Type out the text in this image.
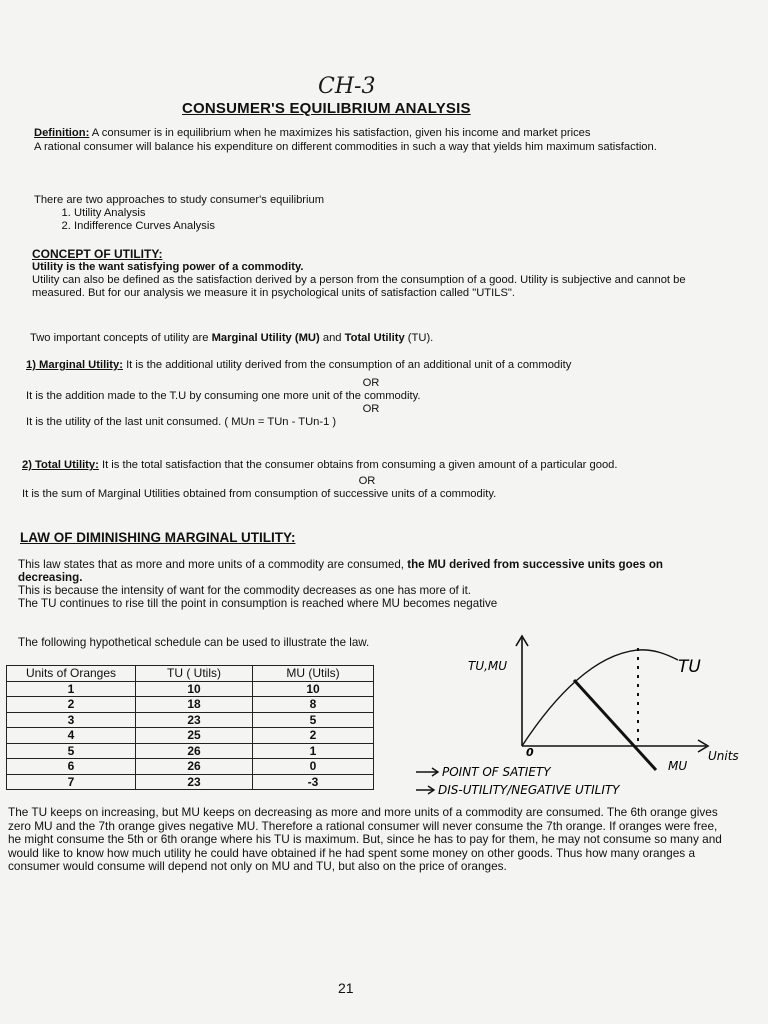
CH-3
CONSUMER'S EQUILIBRIUM ANALYSIS
Definition: A consumer is in equilibrium when he maximizes his satisfaction, given his income and market prices
A rational consumer will balance his expenditure on different commodities in such a way that yields him maximum satisfaction.
There are two approaches to study consumer's equilibrium
1. Utility Analysis
2. Indifference Curves Analysis
CONCEPT OF UTILITY:
Utility is the want satisfying power of a commodity.
Utility can also be defined as the satisfaction derived by a person from the consumption of a good. Utility is subjective and cannot be measured. But for our analysis we measure it in psychological units of satisfaction called "UTILS".
Two important concepts of utility are Marginal Utility (MU) and Total Utility (TU).
1) Marginal Utility: It is the additional utility derived from the consumption of an additional unit of a commodity
OR
It is the addition made to the T.U by consuming one more unit of the commodity.
OR
It is the utility of the last unit consumed. ( MUn = TUn - TUn-1 )
2) Total Utility: It is the total satisfaction that the consumer obtains from consuming a given amount of a particular good.
OR
It is the sum of Marginal Utilities obtained from consumption of successive units of a commodity.
LAW OF DIMINISHING MARGINAL UTILITY:
This law states that as more and more units of a commodity are consumed, the MU derived from successive units goes on decreasing.
This is because the intensity of want for the commodity decreases as one has more of it.
The TU continues to rise till the point in consumption is reached where MU becomes negative
The following hypothetical schedule can be used to illustrate the law.
Units of Oranges	TU ( Utils)	MU (Utils)
1	10	10
2	18	8
3	23	5
4	25	2
5	26	1
6	26	0
7	23	-3
TU,MU	TU
0
MU
Units
POINT OF SATIETY
DIS-UTILITY/NEGATIVE UTILITY
The TU keeps on increasing, but MU keeps on decreasing as more and more units of a commodity are consumed. The 6th orange gives zero MU and the 7th orange gives negative MU. Therefore a rational consumer will never consume the 7th orange. If oranges were free, he might consume the 5th or 6th orange where his TU is maximum. But, since he has to pay for them, he may not consume so many and would like to know how much utility he could have obtained if he had spent some money on other goods. Thus how many oranges a consumer would consume will depend not only on MU and TU, but also on the price of oranges.
21
